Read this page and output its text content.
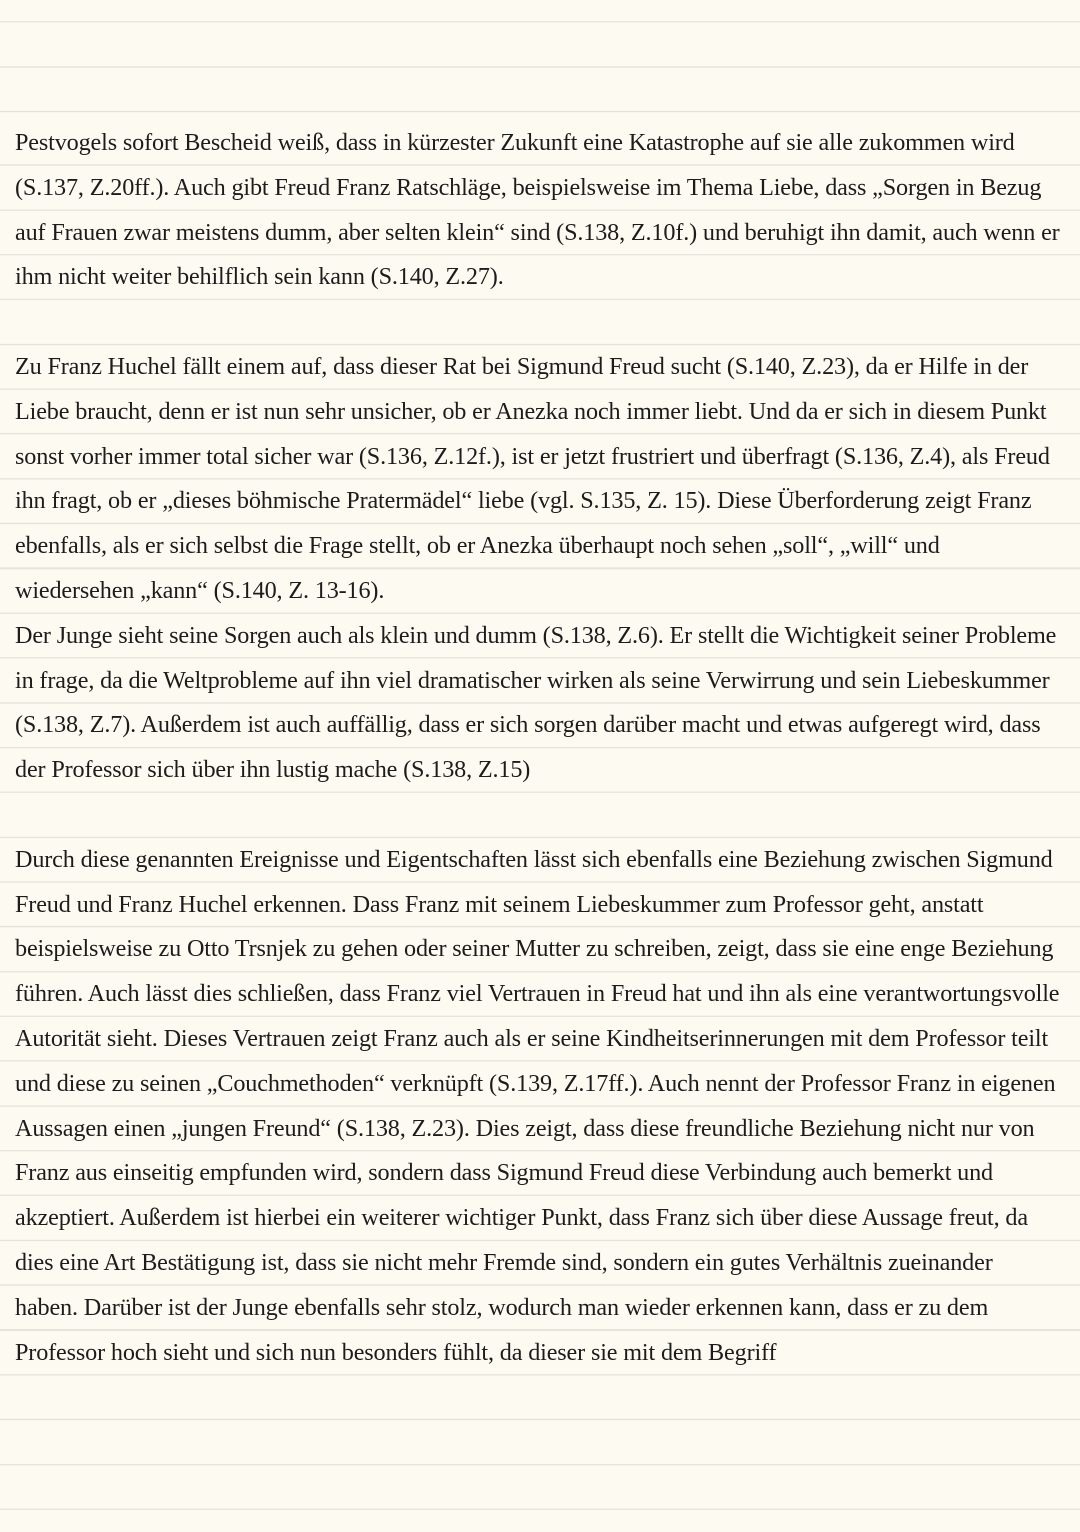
Pestvogels sofort Bescheid weiß, dass in kürzester Zukunft eine Katastrophe auf sie alle zukommen wird (S.137, Z.20ff.). Auch gibt Freud Franz Ratschläge, beispielsweise im Thema Liebe, dass „Sorgen in Bezug auf Frauen zwar meistens dumm, aber selten klein“ sind (S.138, Z.10f.) und beruhigt ihn damit, auch wenn er ihm nicht weiter behilflich sein kann (S.140, Z.27).

Zu Franz Huchel fällt einem auf, dass dieser Rat bei Sigmund Freud sucht (S.140, Z.23), da er Hilfe in der Liebe braucht, denn er ist nun sehr unsicher, ob er Anezka noch immer liebt. Und da er sich in diesem Punkt sonst vorher immer total sicher war (S.136, Z.12f.), ist er jetzt frustriert und überfragt (S.136, Z.4), als Freud ihn fragt, ob er „dieses böhmische Pratermädel“ liebe (vgl. S.135, Z. 15). Diese Überforderung zeigt Franz ebenfalls, als er sich selbst die Frage stellt, ob er Anezka überhaupt noch sehen „soll“, „will“ und wiedersehen „kann“ (S.140, Z. 13-16).

Der Junge sieht seine Sorgen auch als klein und dumm (S.138, Z.6). Er stellt die Wichtigkeit seiner Probleme in frage, da die Weltprobleme auf ihn viel dramatischer wirken als seine Verwirrung und sein Liebeskummer (S.138, Z.7). Außerdem ist auch auffällig, dass er sich sorgen darüber macht und etwas aufgeregt wird, dass der Professor sich über ihn lustig mache (S.138, Z.15)

Durch diese genannten Ereignisse und Eigentschaften lässt sich ebenfalls eine Beziehung zwischen Sigmund Freud und Franz Huchel erkennen. Dass Franz mit seinem Liebeskummer zum Professor geht, anstatt beispielsweise zu Otto Trsnjek zu gehen oder seiner Mutter zu schreiben, zeigt, dass sie eine enge Beziehung führen. Auch lässt dies schließen, dass Franz viel Vertrauen in Freud hat und ihn als eine verantwortungsvolle Autorität sieht. Dieses Vertrauen zeigt Franz auch als er seine Kindheitserinnerungen mit dem Professor teilt und diese zu seinen „Couchmethoden“ verknüpft (S.139, Z.17ff.). Auch nennt der Professor Franz in eigenen Aussagen einen „jungen Freund“ (S.138, Z.23). Dies zeigt, dass diese freundliche Beziehung nicht nur von Franz aus einseitig empfunden wird, sondern dass Sigmund Freud diese Verbindung auch bemerkt und akzeptiert. Außerdem ist hierbei ein weiterer wichtiger Punkt, dass Franz sich über diese Aussage freut, da dies eine Art Bestätigung ist, dass sie nicht mehr Fremde sind, sondern ein gutes Verhältnis zueinander haben. Darüber ist der Junge ebenfalls sehr stolz, wodurch man wieder erkennen kann, dass er zu dem Professor hoch sieht und sich nun besonders fühlt, da dieser sie mit dem Begriff
